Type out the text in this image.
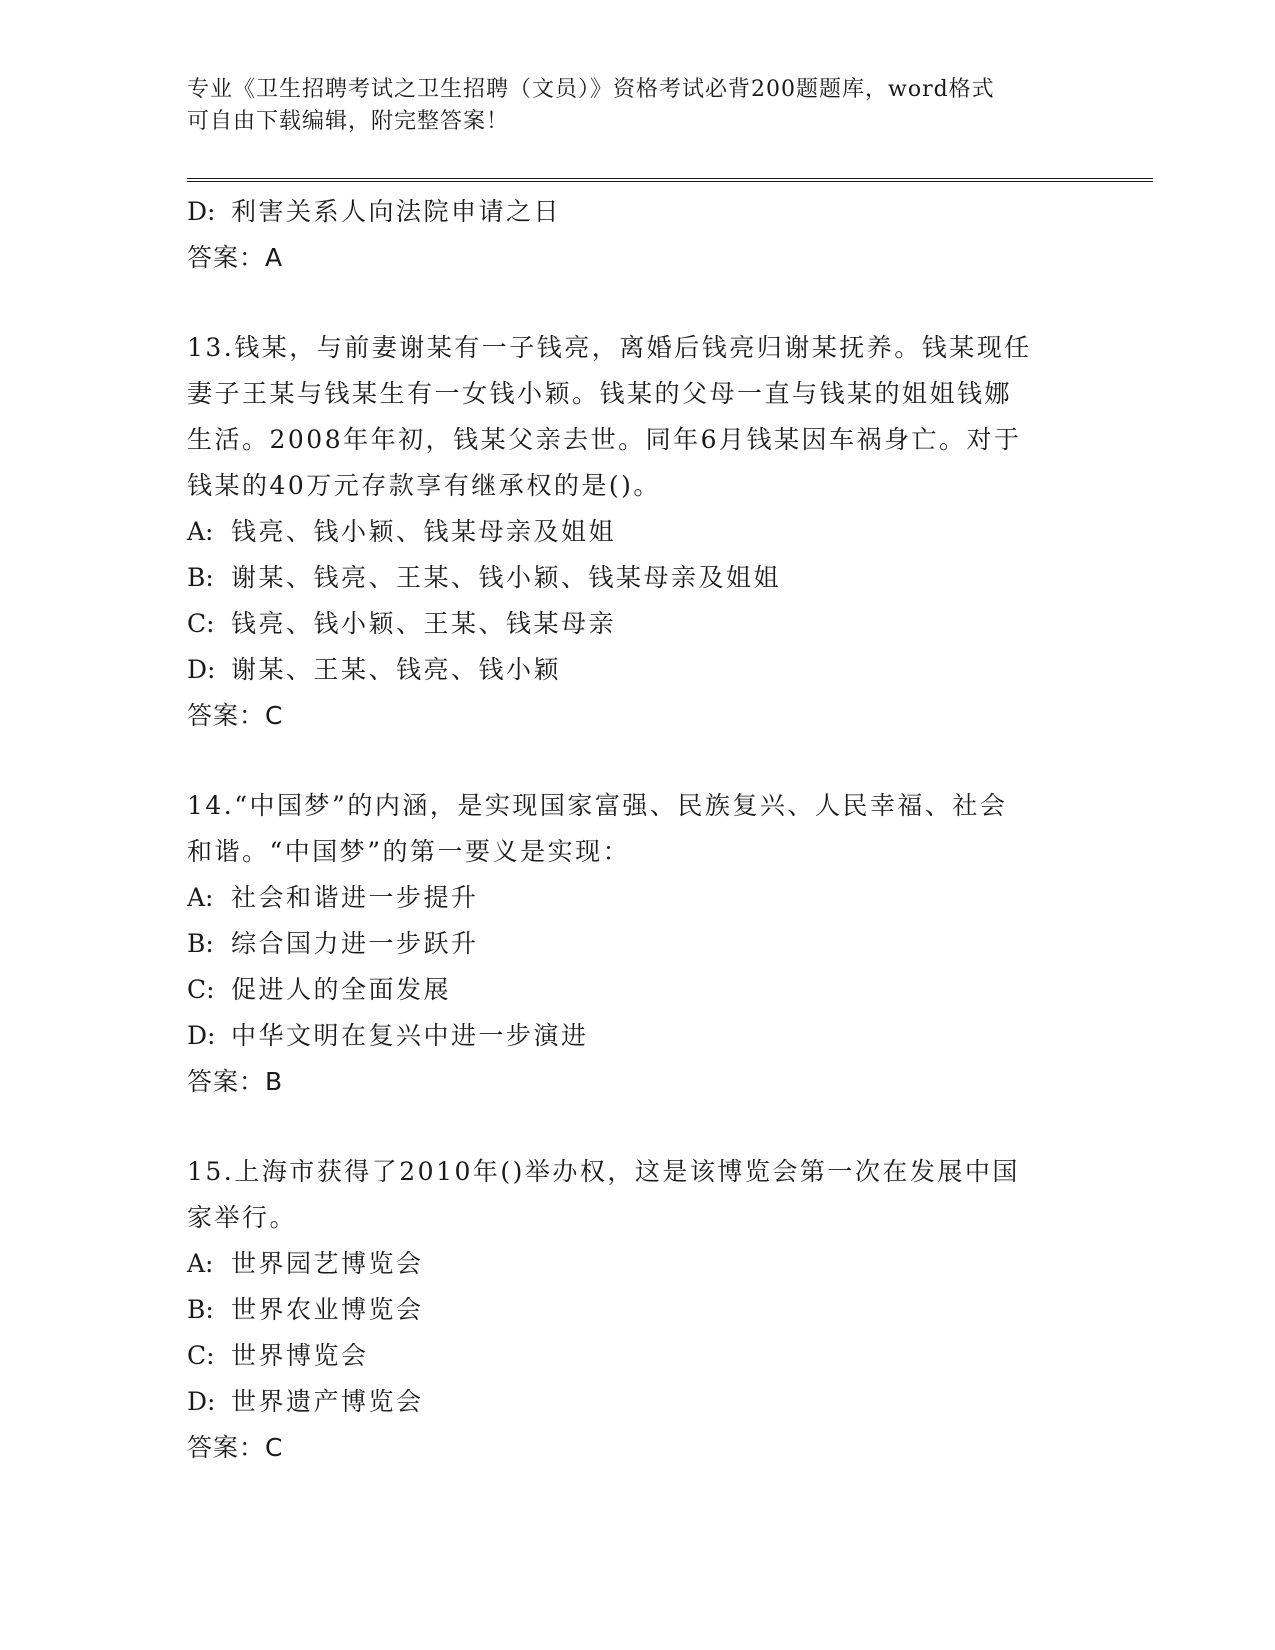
专业《卫生招聘考试之卫生招聘（文员）》资格考试必背200题题库，word格式
可自由下载编辑，附完整答案！
D: 利害关系人向法院申请之日
答案：A
13.钱某，与前妻谢某有一子钱亮，离婚后钱亮归谢某抚养。钱某现任
妻子王某与钱某生有一女钱小颖。钱某的父母一直与钱某的姐姐钱娜
生活。2008年年初，钱某父亲去世。同年6月钱某因车祸身亡。对于
钱某的40万元存款享有继承权的是()。
A: 钱亮、钱小颖、钱某母亲及姐姐
B: 谢某、钱亮、王某、钱小颖、钱某母亲及姐姐
C: 钱亮、钱小颖、王某、钱某母亲
D: 谢某、王某、钱亮、钱小颖
答案：C
14.“中国梦”的内涵，是实现国家富强、民族复兴、人民幸福、社会
和谐。“中国梦”的第一要义是实现：
A: 社会和谐进一步提升
B: 综合国力进一步跃升
C: 促进人的全面发展
D: 中华文明在复兴中进一步演进
答案：B
15.上海市获得了2010年()举办权，这是该博览会第一次在发展中国
家举行。
A: 世界园艺博览会
B: 世界农业博览会
C: 世界博览会
D: 世界遗产博览会
答案：C
